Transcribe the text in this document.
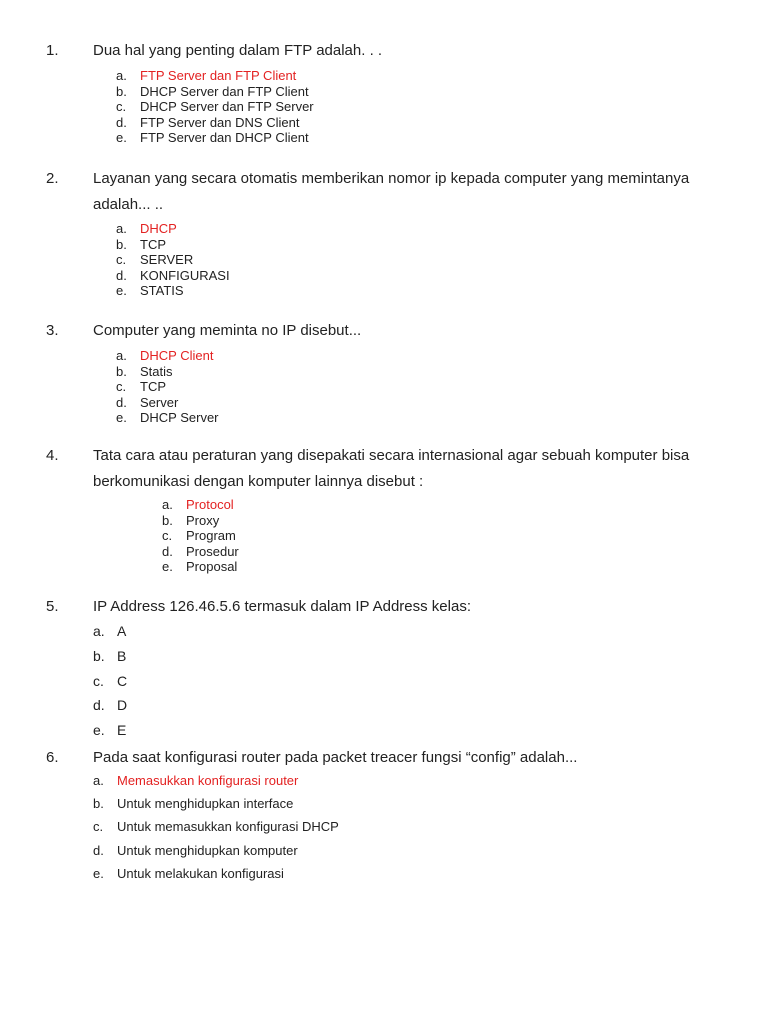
1. Dua hal yang penting dalam FTP adalah. . .
a.	FTP Server dan FTP Client
b.	DHCP Server dan FTP Client
c.	DHCP Server dan FTP Server
d.	FTP Server dan DNS Client
e.	FTP Server dan DHCP Client
2. Layanan yang secara otomatis memberikan nomor ip kepada computer yang memintanya adalah... ..
a.	DHCP
b.	TCP
c.	SERVER
d.	KONFIGURASI
e.	STATIS
3. Computer yang meminta no IP disebut...
a.	DHCP Client
b.	Statis
c.	TCP
d.	Server
e.	DHCP Server
4. Tata cara atau peraturan yang disepakati secara internasional agar sebuah komputer bisa berkomunikasi dengan komputer lainnya disebut :
a.	Protocol
b.	Proxy
c.	Program
d.	Prosedur
e.	Proposal
5. IP Address 126.46.5.6 termasuk dalam IP Address kelas:
a. A
b. B
c. C
d. D
e. E
6. Pada saat konfigurasi router pada packet treacer fungsi “config” adalah...
a.	Memasukkan konfigurasi router
b.	Untuk menghidupkan interface
c.	Untuk memasukkan konfigurasi DHCP
d.	Untuk menghidupkan komputer
e.	Untuk melakukan konfigurasi
